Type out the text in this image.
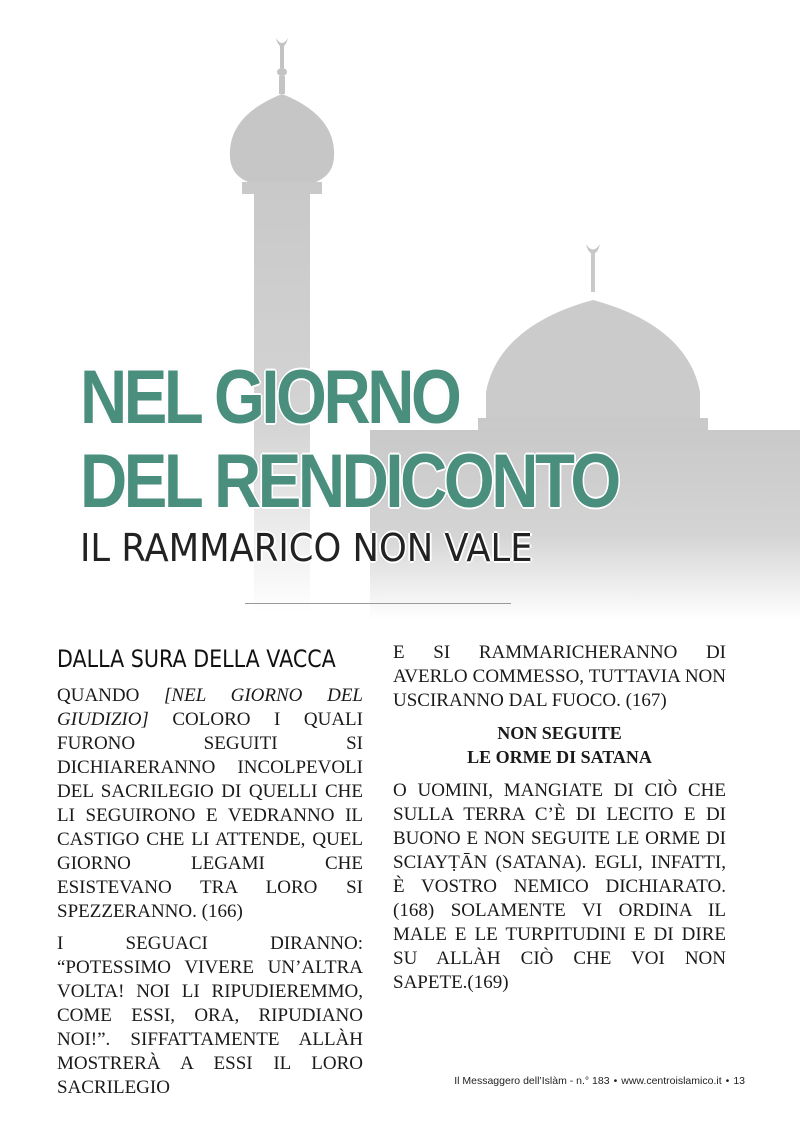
NEL GIORNO
DEL RENDICONTO
IL RAMMARICO NON VALE
DALLA SURA DELLA VACCA

QUANDO [NEL GIORNO DEL GIUDIZIO] COLORO I QUALI FURONO SEGUITI SI DICHIARERANNO INCOLPEVOLI DEL SACRILEGIO DI QUELLI CHE LI SEGUIRONO E VEDRANNO IL CASTIGO CHE LI ATTENDE, QUEL GIORNO LEGAMI CHE ESISTEVANO TRA LORO SI SPEZZERANNO. (166)

I SEGUACI DIRANNO: “POTESSIMO VIVERE UN’ALTRA VOLTA! NOI LI RIPUDIEREMMO, COME ESSI, ORA, RIPUDIANO NOI!”. SIFFATTAMENTE ALLÀH MOSTRERÀ A ESSI IL LORO SACRILEGIO

E SI RAMMARICHERANNO DI AVERLO COMMESSO, TUTTAVIA NON USCIRANNO DAL FUOCO. (167)

NON SEGUITE
LE ORME DI SATANA

O UOMINI, MANGIATE DI CIÒ CHE SULLA TERRA C’È DI LECITO E DI BUONO E NON SEGUITE LE ORME DI SCIAYṬĀN (SATANA). EGLI, INFATTI, È VOSTRO NEMICO DICHIARATO. (168) SOLAMENTE VI ORDINA IL MALE E LE TURPITUDINI E DI DIRE SU ALLÀH CIÒ CHE VOI NON SAPETE.(169)

Il Messaggero dell’Islàm - n.° 183 • www.centroislamico.it • 13
